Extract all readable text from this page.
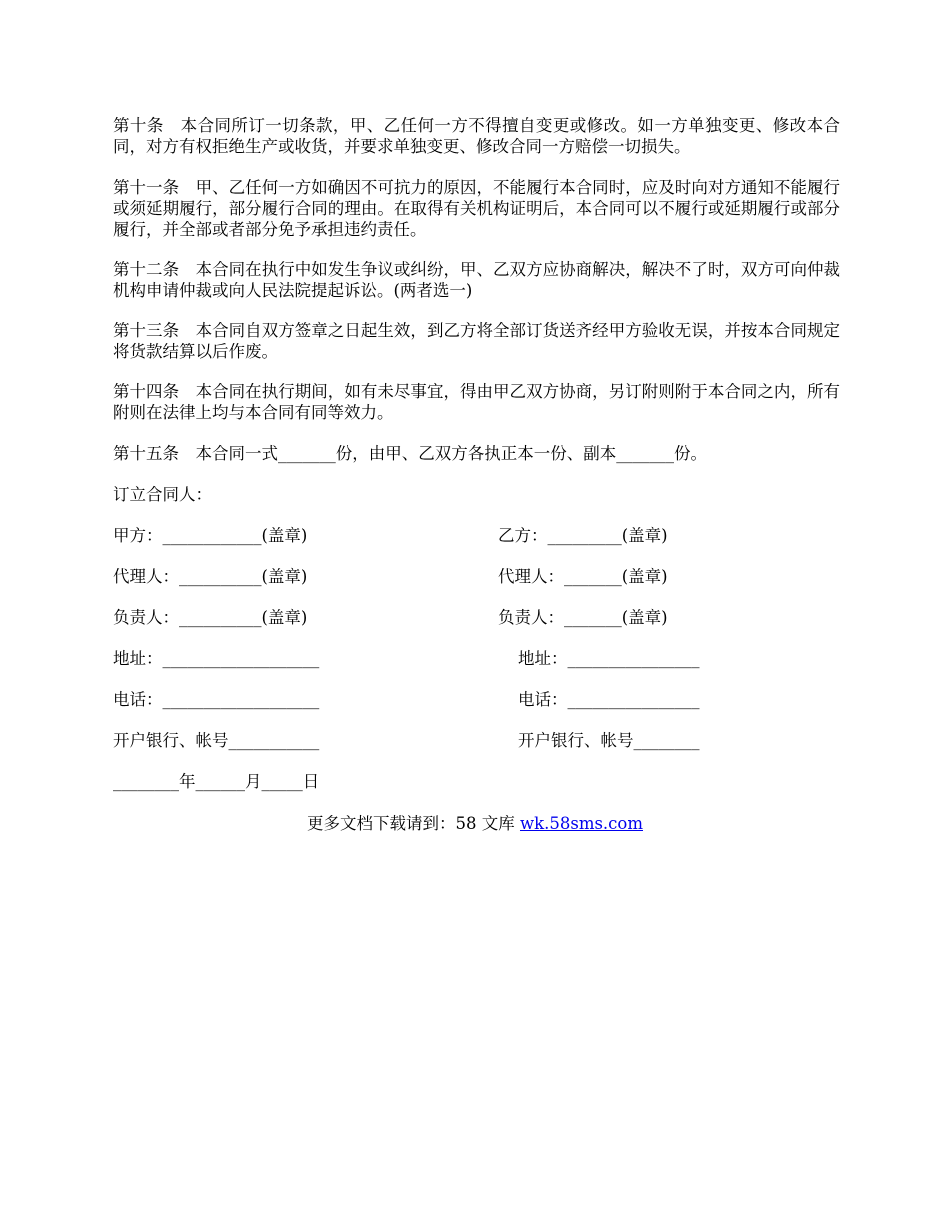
第十条　本合同所订一切条款，甲、乙任何一方不得擅自变更或修改。如一方单独变更、修改本合同，对方有权拒绝生产或收货，并要求单独变更、修改合同一方赔偿一切损失。

第十一条　甲、乙任何一方如确因不可抗力的原因，不能履行本合同时，应及时向对方通知不能履行或须延期履行，部分履行合同的理由。在取得有关机构证明后，本合同可以不履行或延期履行或部分履行，并全部或者部分免予承担违约责任。

第十二条　本合同在执行中如发生争议或纠纷，甲、乙双方应协商解决，解决不了时，双方可向仲裁机构申请仲裁或向人民法院提起诉讼。(两者选一)

第十三条　本合同自双方签章之日起生效，到乙方将全部订货送齐经甲方验收无误，并按本合同规定将货款结算以后作废。

第十四条　本合同在执行期间，如有未尽事宜，得由甲乙双方协商，另订附则附于本合同之内，所有附则在法律上均与本合同有同等效力。

第十五条　本合同一式_______份，由甲、乙双方各执正本一份、副本_______份。

订立合同人：

甲方：____________(盖章)

代理人：__________(盖章)

负责人：__________(盖章)

地址：___________________

电话：___________________

开户银行、帐号___________

乙方：_________(盖章)

代理人：_______(盖章)

负责人：_______(盖章)

地址：________________

电话：________________

开户银行、帐号________

________年______月_____日

更多文档下载请到：58 文库 wk.58sms.com
